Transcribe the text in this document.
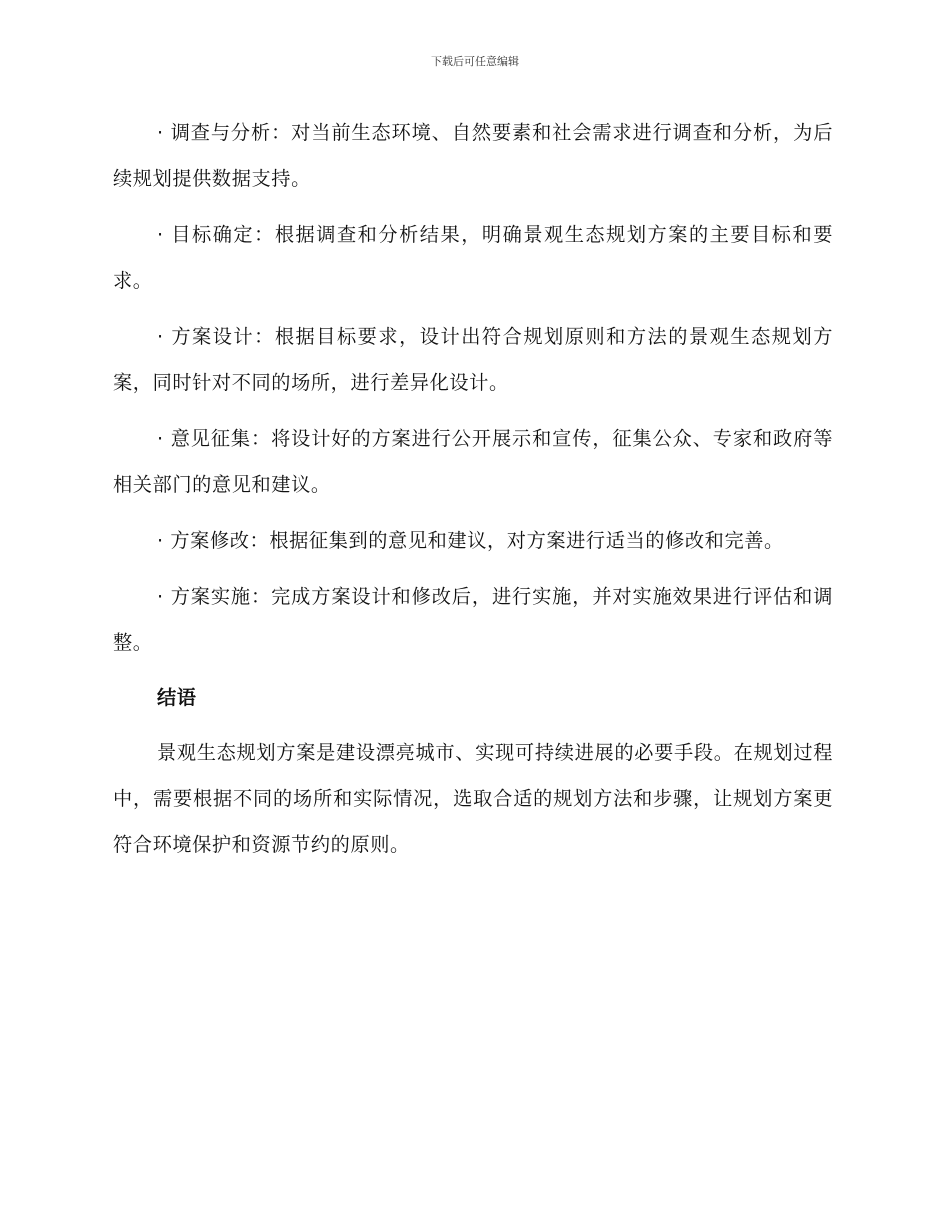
下载后可任意编辑

· 调查与分析：对当前生态环境、自然要素和社会需求进行调查和分析，为后续规划提供数据支持。

· 目标确定：根据调查和分析结果，明确景观生态规划方案的主要目标和要求。

· 方案设计：根据目标要求，设计出符合规划原则和方法的景观生态规划方案，同时针对不同的场所，进行差异化设计。

· 意见征集：将设计好的方案进行公开展示和宣传，征集公众、专家和政府等相关部门的意见和建议。

· 方案修改：根据征集到的意见和建议，对方案进行适当的修改和完善。

· 方案实施：完成方案设计和修改后，进行实施，并对实施效果进行评估和调整。

结语

景观生态规划方案是建设漂亮城市、实现可持续进展的必要手段。在规划过程中，需要根据不同的场所和实际情况，选取合适的规划方法和步骤，让规划方案更符合环境保护和资源节约的原则。
